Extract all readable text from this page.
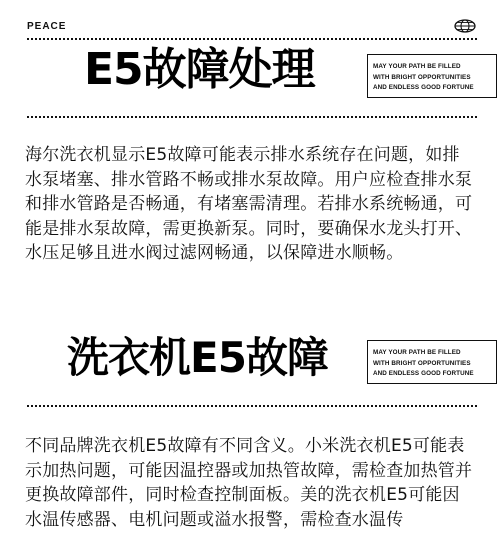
PEACE
E5故障处理	MAY YOUR PATH BE FILLED
WITH BRIGHT OPPORTUNITIES
AND ENDLESS GOOD FORTUNE
海尔洗衣机显示E5故障可能表示排水系统存在问题，如排水泵堵塞、排水管路不畅或排水泵故障。用户应检查排水泵和排水管路是否畅通，有堵塞需清理。若排水系统畅通，可能是排水泵故障，需更换新泵。同时，要确保水龙头打开、水压足够且进水阀过滤网畅通，以保障进水顺畅。
洗衣机E5故障	MAY YOUR PATH BE FILLED
WITH BRIGHT OPPORTUNITIES
AND ENDLESS GOOD FORTUNE
不同品牌洗衣机E5故障有不同含义。小米洗衣机E5可能表示加热问题，可能因温控器或加热管故障，需检查加热管并更换故障部件，同时检查控制面板。美的洗衣机E5可能因水温传感器、电机问题或溢水报警，需检查水温传
